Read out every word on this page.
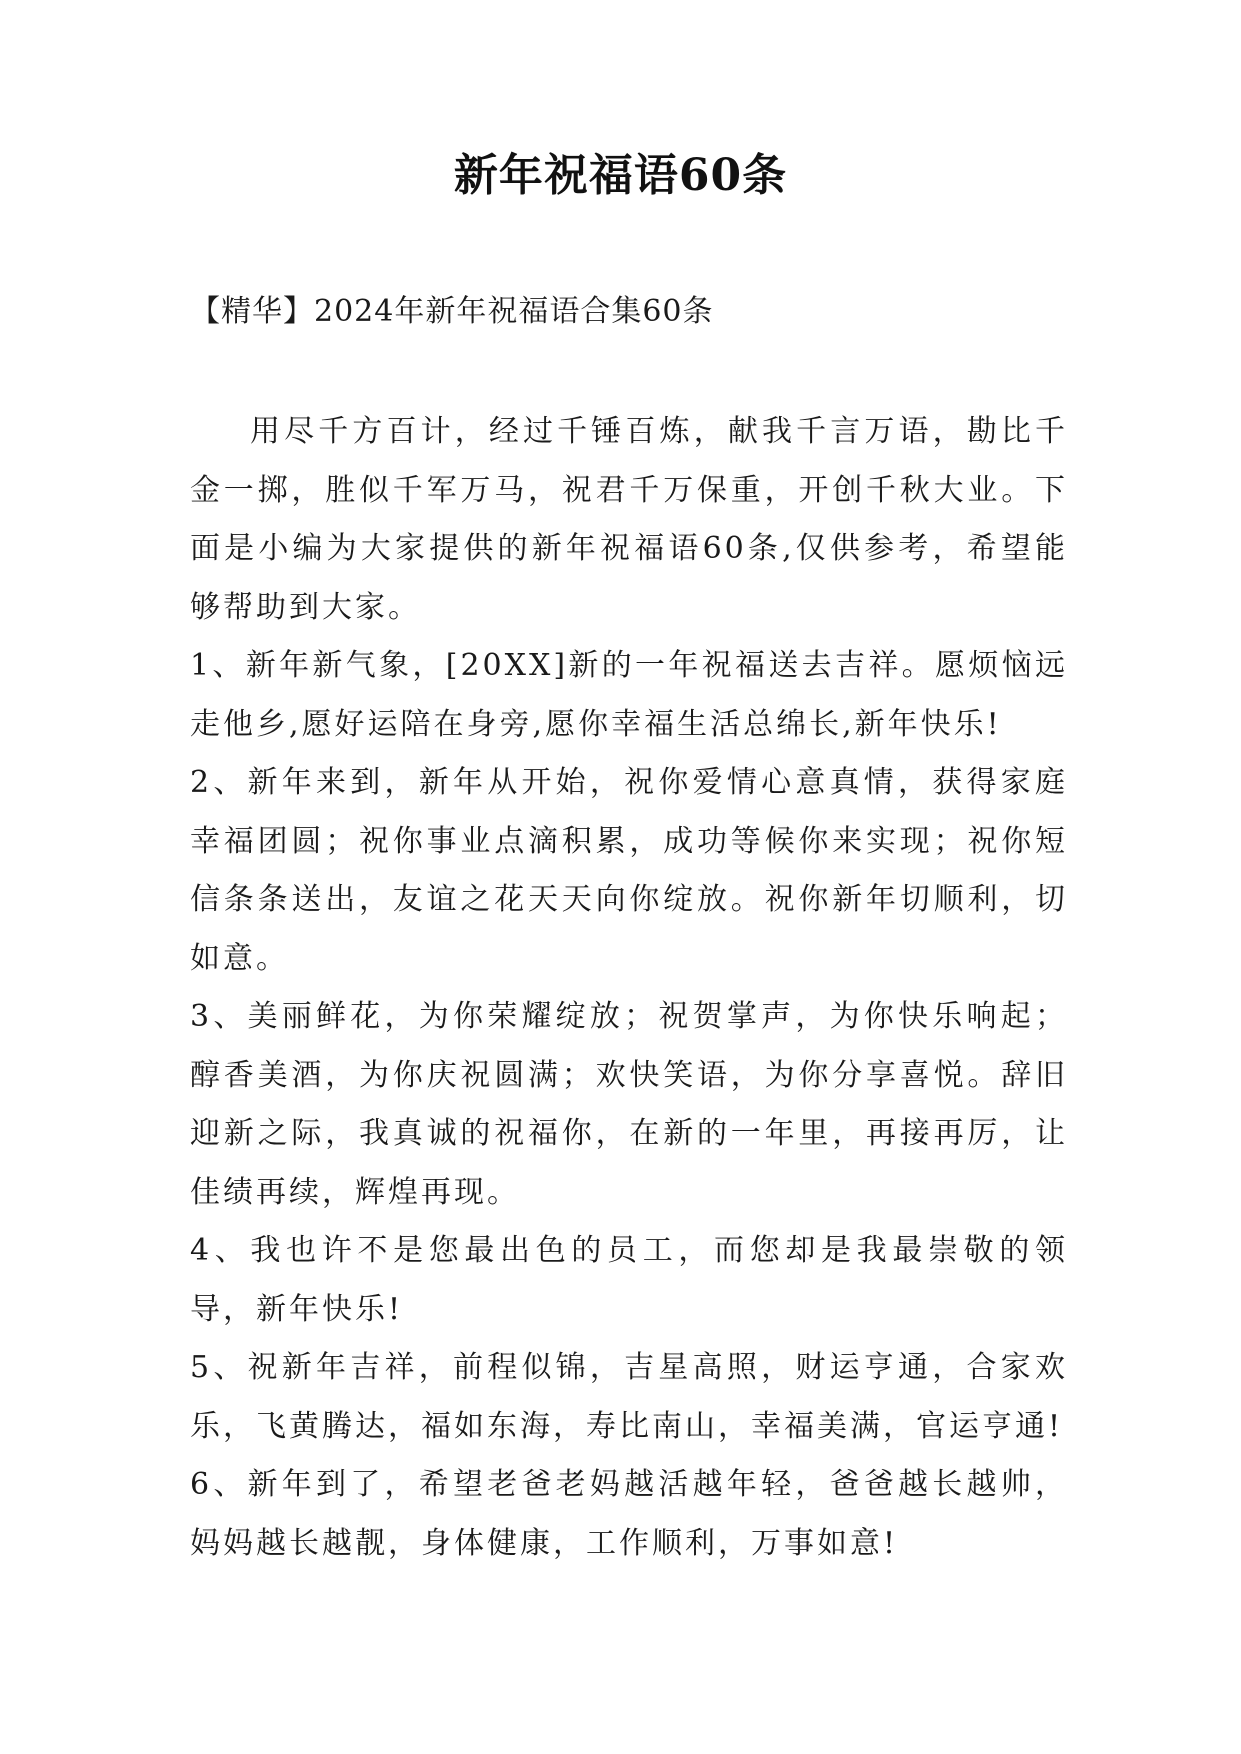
新年祝福语60条
【精华】2024年新年祝福语合集60条

用尽千方百计，经过千锤百炼，献我千言万语，勘比千金一掷，胜似千军万马，祝君千万保重，开创千秋大业。下面是小编为大家提供的新年祝福语60条,仅供参考，希望能够帮助到大家。

1、新年新气象，[20XX]新的一年祝福送去吉祥。愿烦恼远走他乡,愿好运陪在身旁,愿你幸福生活总绵长,新年快乐!

2、新年来到，新年从开始，祝你爱情心意真情，获得家庭幸福团圆；祝你事业点滴积累，成功等候你来实现；祝你短信条条送出，友谊之花天天向你绽放。祝你新年切顺利，切如意。

3、美丽鲜花，为你荣耀绽放；祝贺掌声，为你快乐响起；醇香美酒，为你庆祝圆满；欢快笑语，为你分享喜悦。辞旧迎新之际，我真诚的祝福你，在新的一年里，再接再厉，让佳绩再续，辉煌再现。

4、我也许不是您最出色的员工，而您却是我最崇敬的领导，新年快乐!

5、祝新年吉祥，前程似锦，吉星高照，财运亨通，合家欢乐，飞黄腾达，福如东海，寿比南山，幸福美满，官运亨通!

6、新年到了，希望老爸老妈越活越年轻，爸爸越长越帅，妈妈越长越靓，身体健康，工作顺利，万事如意!
